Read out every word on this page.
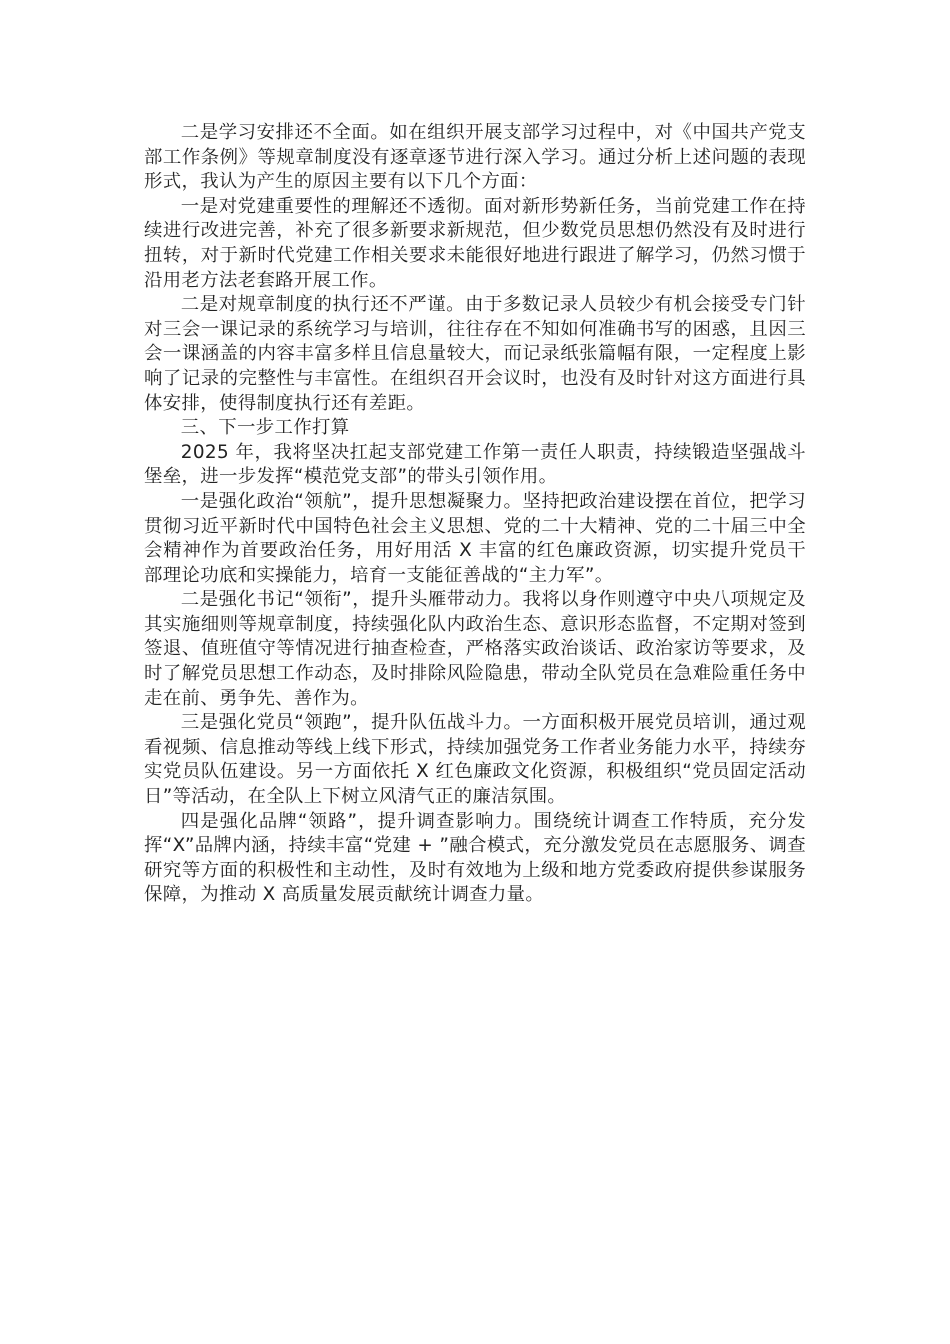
二是学习安排还不全面。如在组织开展支部学习过程中，对《中国共产党支部工作条例》等规章制度没有逐章逐节进行深入学习。通过分析上述问题的表现形式，我认为产生的原因主要有以下几个方面：

一是对党建重要性的理解还不透彻。面对新形势新任务，当前党建工作在持续进行改进完善，补充了很多新要求新规范，但少数党员思想仍然没有及时进行扭转，对于新时代党建工作相关要求未能很好地进行跟进了解学习，仍然习惯于沿用老方法老套路开展工作。

二是对规章制度的执行还不严谨。由于多数记录人员较少有机会接受专门针对三会一课记录的系统学习与培训，往往存在不知如何准确书写的困惑，且因三会一课涵盖的内容丰富多样且信息量较大，而记录纸张篇幅有限，一定程度上影响了记录的完整性与丰富性。在组织召开会议时，也没有及时针对这方面进行具体安排，使得制度执行还有差距。

三、下一步工作打算

2025 年，我将坚决扛起支部党建工作第一责任人职责，持续锻造坚强战斗堡垒，进一步发挥“模范党支部”的带头引领作用。

一是强化政治“领航”，提升思想凝聚力。坚持把政治建设摆在首位，把学习贯彻习近平新时代中国特色社会主义思想、党的二十大精神、党的二十届三中全会精神作为首要政治任务，用好用活 X 丰富的红色廉政资源，切实提升党员干部理论功底和实操能力，培育一支能征善战的“主力军”。

二是强化书记“领衔”，提升头雁带动力。我将以身作则遵守中央八项规定及其实施细则等规章制度，持续强化队内政治生态、意识形态监督，不定期对签到签退、值班值守等情况进行抽查检查，严格落实政治谈话、政治家访等要求，及时了解党员思想工作动态，及时排除风险隐患，带动全队党员在急难险重任务中走在前、勇争先、善作为。

三是强化党员“领跑”，提升队伍战斗力。一方面积极开展党员培训，通过观看视频、信息推动等线上线下形式，持续加强党务工作者业务能力水平，持续夯实党员队伍建设。另一方面依托 X 红色廉政文化资源，积极组织“党员固定活动日”等活动，在全队上下树立风清气正的廉洁氛围。

四是强化品牌“领路”，提升调查影响力。围绕统计调查工作特质，充分发挥“X”品牌内涵，持续丰富“党建 + ”融合模式，充分激发党员在志愿服务、调查研究等方面的积极性和主动性，及时有效地为上级和地方党委政府提供参谋服务保障，为推动 X 高质量发展贡献统计调查力量。
